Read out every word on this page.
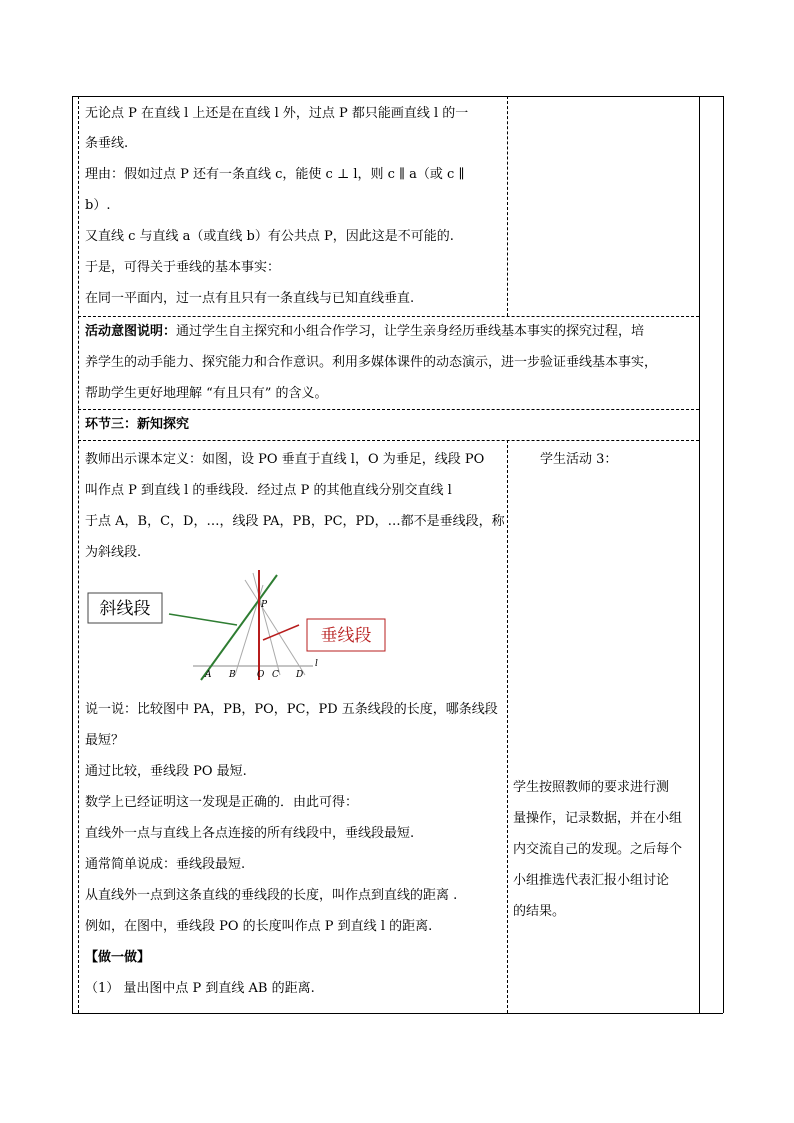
无论点 P 在直线 l 上还是在直线 l 外，过点 P 都只能画直线 l 的一
条垂线.
理由：假如过点 P 还有一条直线 c，能使 c ⊥ l，则 c ∥ a（或 c ∥
b）.
又直线 c 与直线 a（或直线 b）有公共点 P，因此这是不可能的.
于是，可得关于垂线的基本事实：
在同一平面内，过一点有且只有一条直线与已知直线垂直.
活动意图说明：通过学生自主探究和小组合作学习，让学生亲身经历垂线基本事实的探究过程，培
养学生的动手能力、探究能力和合作意识。利用多媒体课件的动态演示，进一步验证垂线基本事实，
帮助学生更好地理解 “有且只有” 的含义。
环节三：新知探究
教师出示课本定义：如图，设 PO 垂直于直线 l，O 为垂足，线段 PO
叫作点 P 到直线 l 的垂线段．经过点 P 的其他直线分别交直线 l
于点 A，B，C，D，…，线段 PA，PB，PC，PD，…都不是垂线段，称
为斜线段.
斜线段
垂线段
P
A B O C D
l
说一说：比较图中 PA，PB，PO，PC，PD 五条线段的长度，哪条线段
最短？
通过比较，垂线段 PO 最短.
数学上已经证明这一发现是正确的．由此可得：
直线外一点与直线上各点连接的所有线段中，垂线段最短.
通常简单说成：垂线段最短.
从直线外一点到这条直线的垂线段的长度，叫作点到直线的距离 .
例如，在图中，垂线段 PO 的长度叫作点 P 到直线 l 的距离.
【做一做】
（1） 量出图中点 P 到直线 AB 的距离.
学生活动 3：
学生按照教师的要求进行测
量操作，记录数据，并在小组
内交流自己的发现。之后每个
小组推选代表汇报小组讨论
的结果。
